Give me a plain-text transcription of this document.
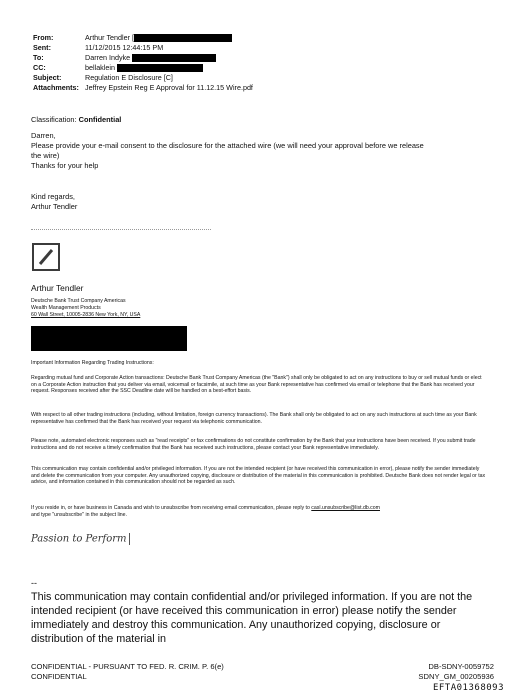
From:	Arthur Tendler [
Sent:	11/12/2015 12:44:15 PM
To:	Darren Indyke
CC:	bellaklein
Subject:	Regulation E Disclosure [C]
Attachments: Jeffrey Epstein Reg E Approval for 11.12.15 Wire.pdf
Classification: Confidential
Darren,
Please provide your e-mail consent to the disclosure for the attached wire (we will need your approval before we release
the wire)
Thanks for your help
Kind regards,
Arthur Tendler
Arthur Tendler
Deutsche Bank Trust Company Americas
Wealth Management Products
60 Wall Street, 10005-2836 New York, NY, USA
Important Information Regarding Trading Instructions:
Regarding mutual fund and Corporate Action transactions: Deutsche Bank Trust Company Americas (the "Bank") shall only be obligated to act on any instructions to buy or sell mutual funds or elect on a Corporate Action instruction that you deliver via email, voicemail or facsimile, at such time as your Bank representative has confirmed via email or telephone that the Bank has received your request. Responses received after the SSC Deadline date will be handled on a best-effort basis.
With respect to all other trading instructions (including, without limitation, foreign currency transactions). The Bank shall only be obligated to act on any such instructions at such time as your Bank representative has confirmed that the Bank has received your request via telephonic communication.
Please note, automated electronic responses such as "read receipts" or fax confirmations do not constitute confirmation by the Bank that your instructions have been received. If you submit trade instructions and do not receive a timely confirmation that the Bank has received such instructions, please contact your Bank representative immediately.
This communication may contain confidential and/or privileged information. If you are not the intended recipient (or have received this communication in error), please notify the sender immediately and delete the communication from your computer. Any unauthorized copying, disclosure or distribution of the material in this communication is prohibited. Deutsche Bank does not render legal or tax advice, and information contained in this communication should not be regarded as such.
If you reside in, or have business in Canada and wish to unsubscribe from receiving email communication, please reply to casl.unsubscribe@list.db.com
and type "unsubscribe" in the subject line.
Passion to Perform
--
This communication may contain confidential and/or privileged information. If you are not the intended recipient (or have received this communication in error) please notify the sender immediately and destroy this communication. Any unauthorized copying, disclosure or distribution of the material in
CONFIDENTIAL - PURSUANT TO FED. R. CRIM. P. 6(e)
CONFIDENTIAL
DB-SDNY-0059752
SDNY_GM_00205936
EFTA01368093
